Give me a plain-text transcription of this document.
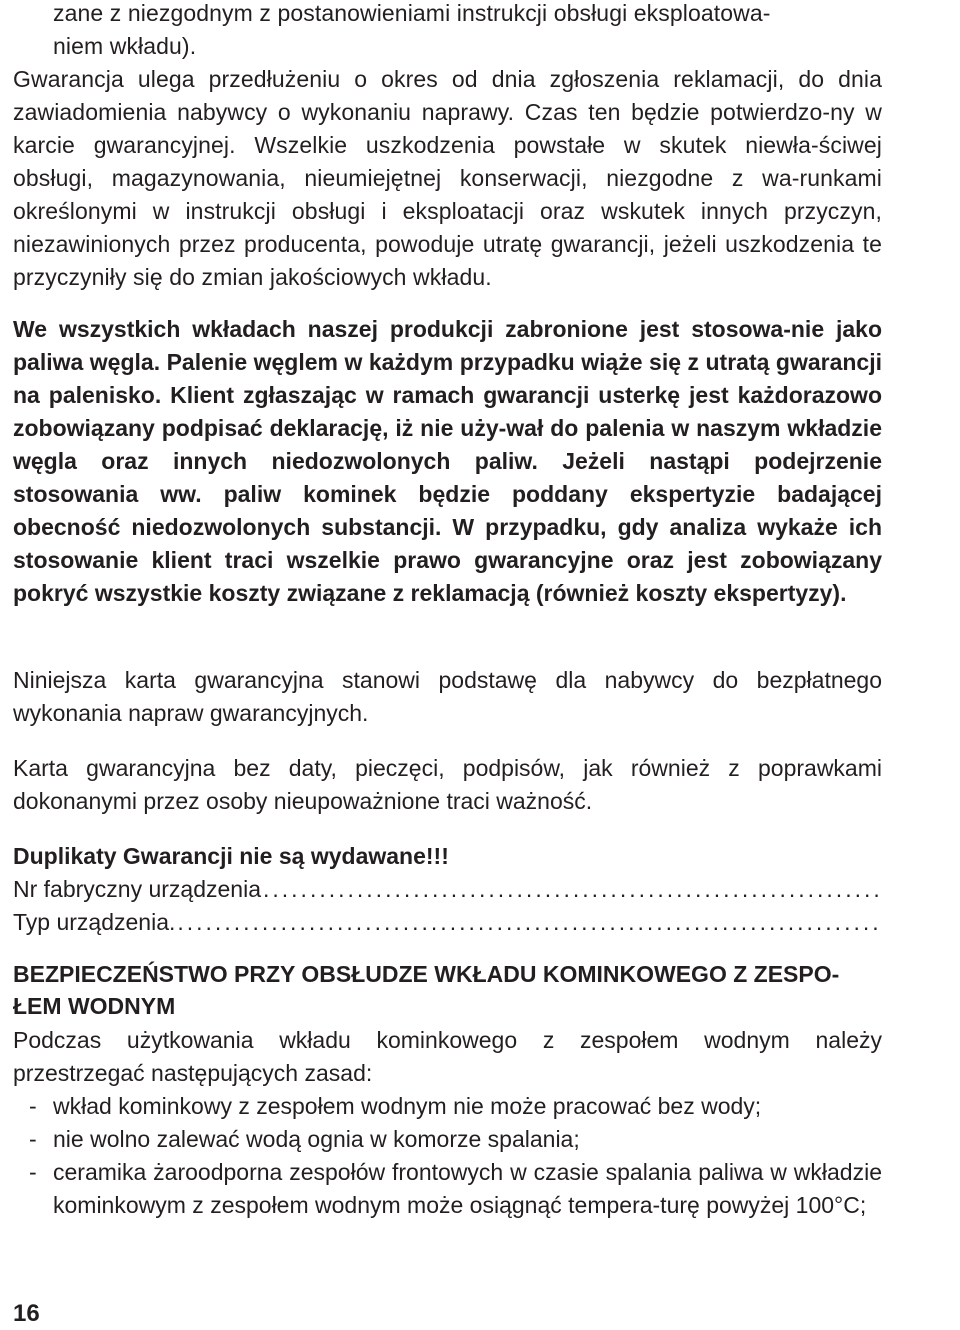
zane z niezgodnym z postanowieniami instrukcji obsługi eksploatowa-
niem wkładu).
Gwarancja ulega przedłużeniu o okres od dnia zgłoszenia reklamacji, do dnia zawiadomienia nabywcy o wykonaniu naprawy. Czas ten będzie potwierdzo-ny w karcie gwarancyjnej. Wszelkie uszkodzenia powstałe w skutek niewła-ściwej obsługi, magazynowania, nieumiejętnej konserwacji, niezgodne z wa-runkami określonymi w instrukcji obsługi i eksploatacji oraz wskutek innych przyczyn, niezawinionych przez producenta, powoduje utratę gwarancji, jeżeli uszkodzenia te przyczyniły się do zmian jakościowych wkładu.

We wszystkich wkładach naszej produkcji zabronione jest stosowa-nie jako paliwa węgla. Palenie węglem w każdym przypadku wiąże się z utratą gwarancji na palenisko. Klient zgłaszając w ramach gwarancji usterkę jest każdorazowo zobowiązany podpisać deklarację, iż nie uży-wał do palenia w naszym wkładzie węgla oraz innych niedozwolonych paliw. Jeżeli nastąpi podejrzenie stosowania ww. paliw kominek będzie poddany ekspertyzie badającej obecność niedozwolonych substancji. W przypadku, gdy analiza wykaże ich stosowanie klient traci wszelkie prawo gwarancyjne oraz jest zobowiązany pokryć wszystkie koszty związane z reklamacją (również koszty ekspertyzy).

Niniejsza karta gwarancyjna stanowi podstawę dla nabywcy do bezpłatnego wykonania napraw gwarancyjnych.

Karta gwarancyjna bez daty, pieczęci, podpisów, jak również z poprawkami dokonanymi przez osoby nieupoważnione traci ważność.

Duplikaty Gwarancji nie są wydawane!!!
Nr fabryczny urządzenia
.....
Typ urządzenia.
.....
BEZPIECZEŃSTWO PRZY OBSŁUDZE WKŁADU KOMINKOWEGO Z ZESPO-ŁEM WODNYM

Podczas użytkowania wkładu kominkowego z zespołem wodnym należy przestrzegać następujących zasad:

- wkład kominkowy z zespołem wodnym nie może pracować bez wody;
- nie wolno zalewać wodą ognia w komorze spalania;
- ceramika żaroodporna zespołów frontowych w czasie spalania paliwa w wkładzie kominkowym z zespołem wodnym może osiągnąć tempera-turę powyżej 100°C;
16
